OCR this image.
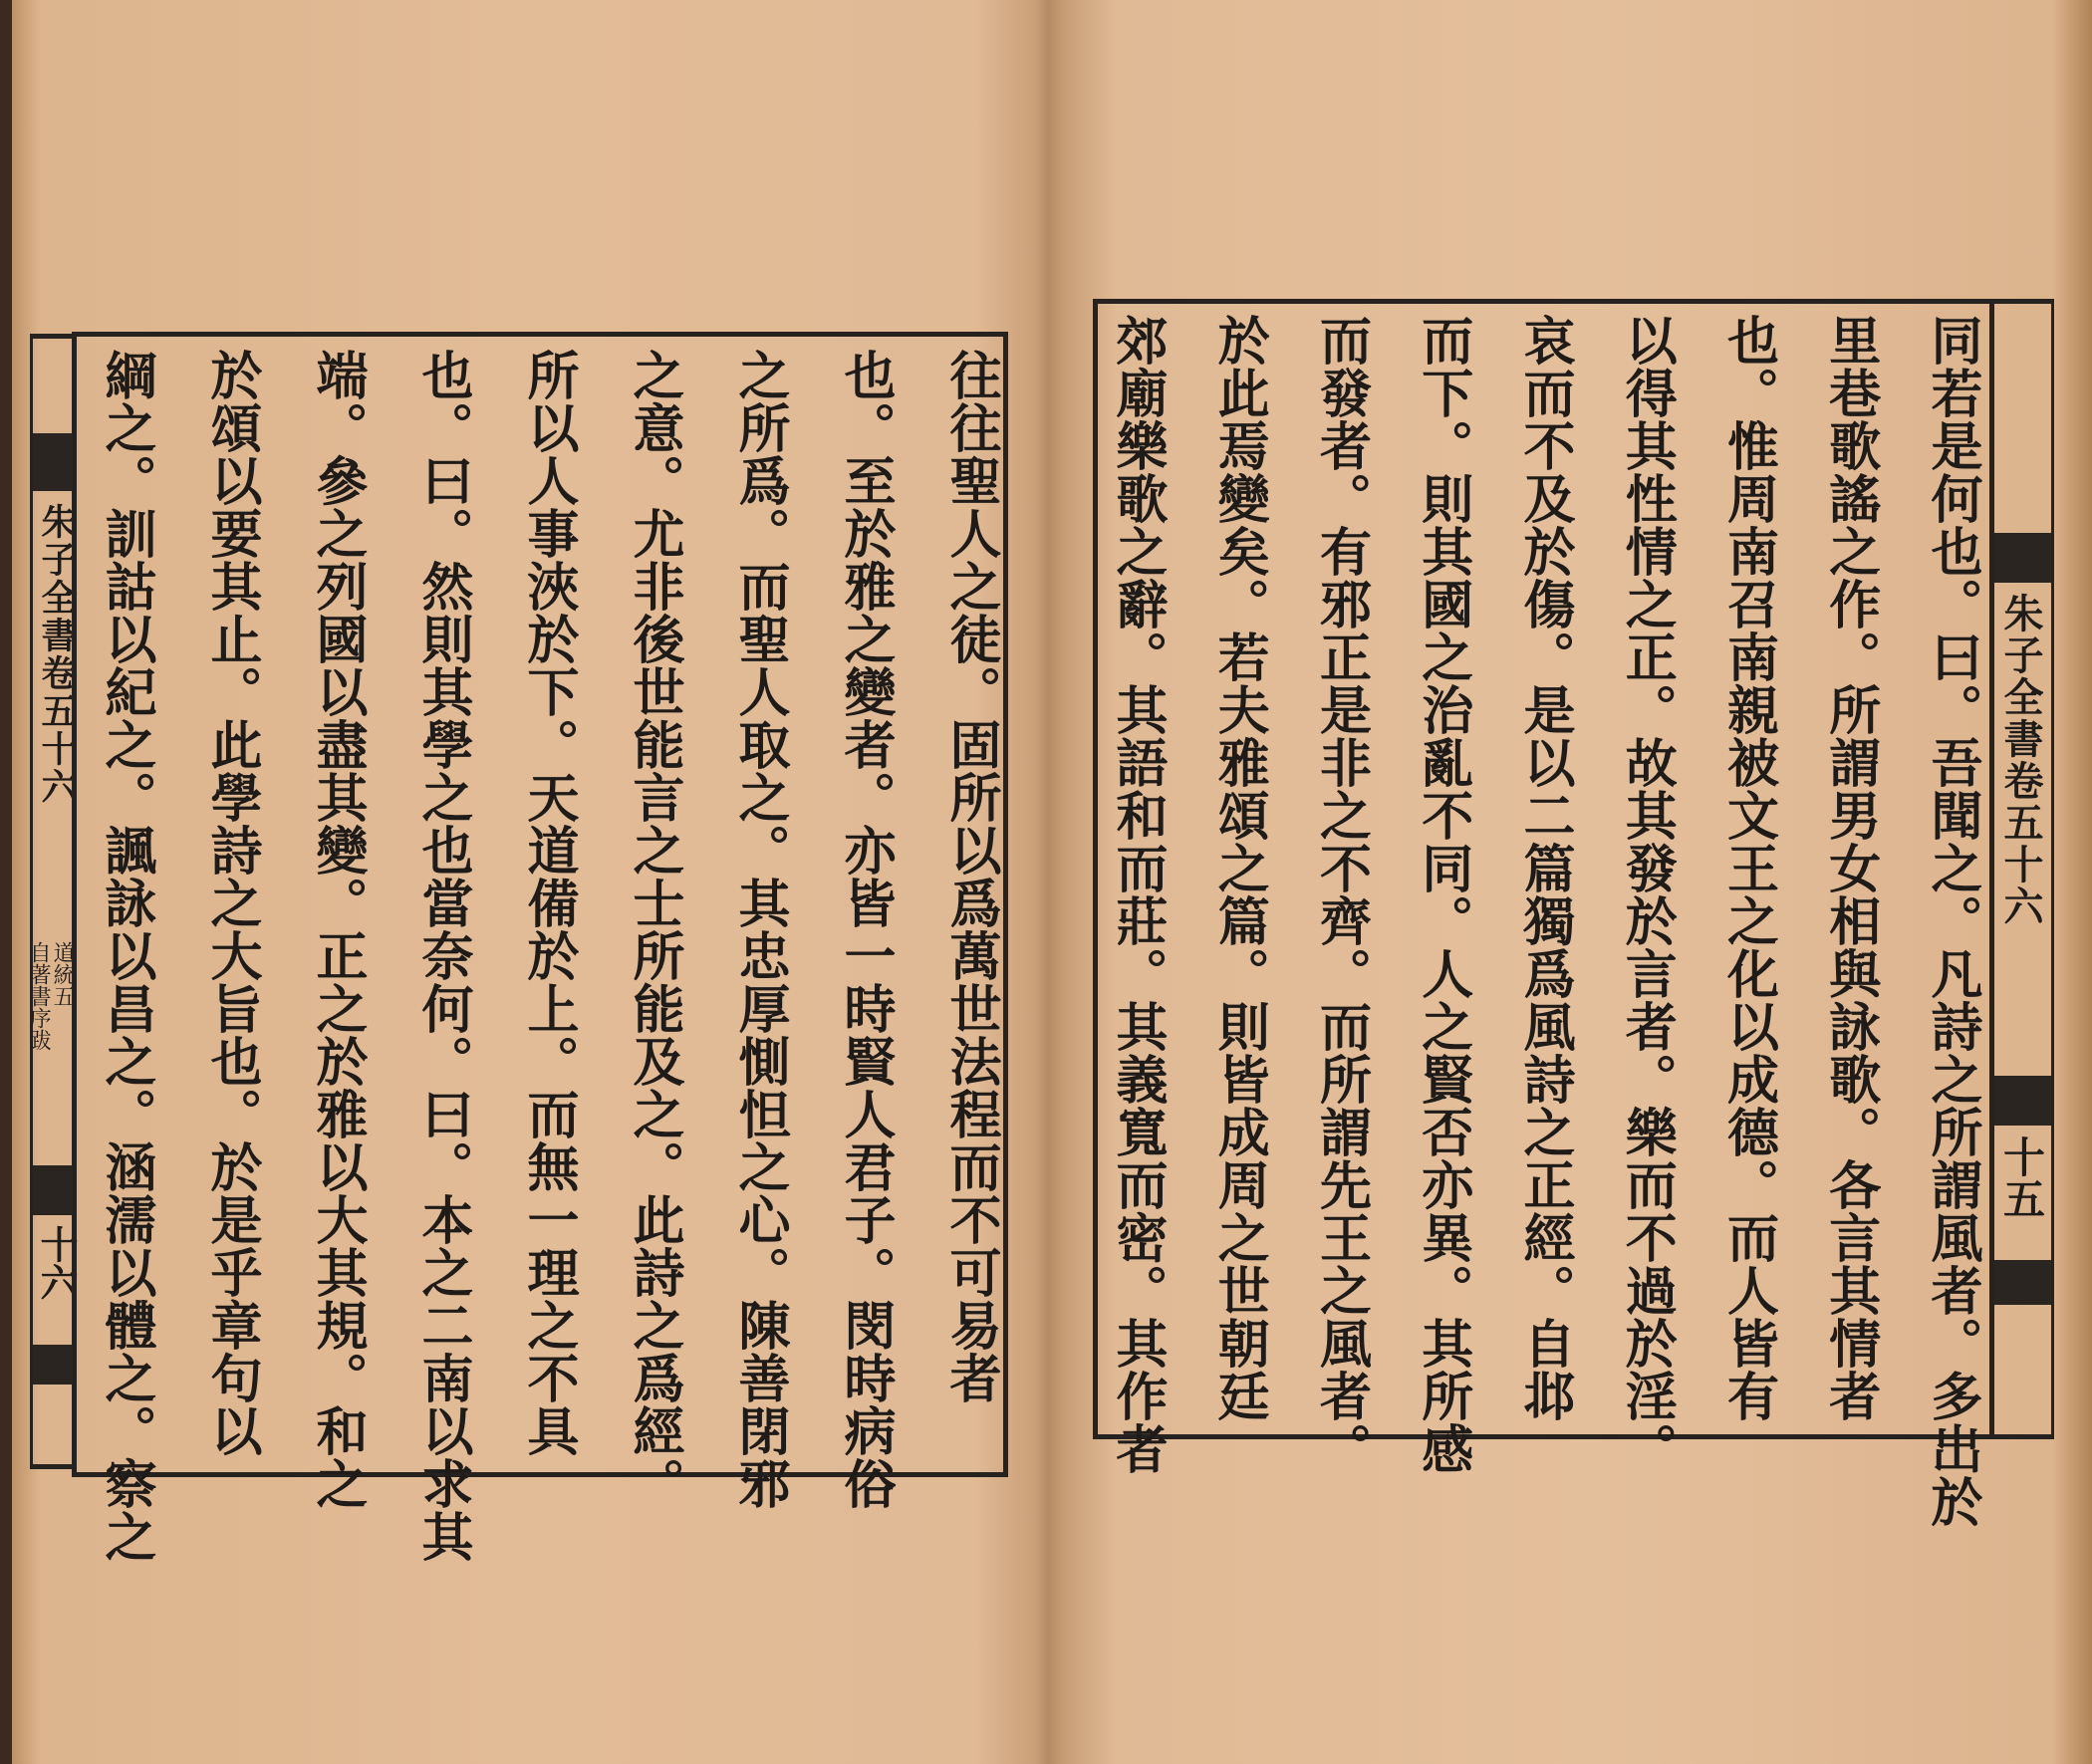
朱子全書卷五十六
道統五
自著書序跋
十六	往往聖人之徒。固所以爲萬世法程而不可易者
也。至於雅之變者。亦皆一時賢人君子。閔時病俗
之所爲。而聖人取之。其忠厚惻怛之心。陳善閉邪
之意。尤非後世能言之士所能及之。此詩之爲經。
所以人事浹於下。天道備於上。而無一理之不具
也。曰。然則其學之也當奈何。曰。本之二南以求其
端。參之列國以盡其變。正之於雅以大其規。和之
於頌以要其止。此學詩之大旨也。於是乎章句以
綱之。訓詁以紀之。諷詠以昌之。涵濡以體之。察之	同若是何也。曰。吾聞之。凡詩之所謂風者。多出於
里巷歌謠之作。所謂男女相與詠歌。各言其情者
也。惟周南召南親被文王之化以成德。而人皆有
以得其性情之正。故其發於言者。樂而不過於淫。
哀而不及於傷。是以二篇獨爲風詩之正經。自邶
而下。則其國之治亂不同。人之賢否亦異。其所感
而發者。有邪正是非之不齊。而所謂先王之風者。
於此焉變矣。若夫雅頌之篇。則皆成周之世朝廷
郊廟樂歌之辭。其語和而莊。其義寬而密。其作者	朱子全書卷五十六
十五
